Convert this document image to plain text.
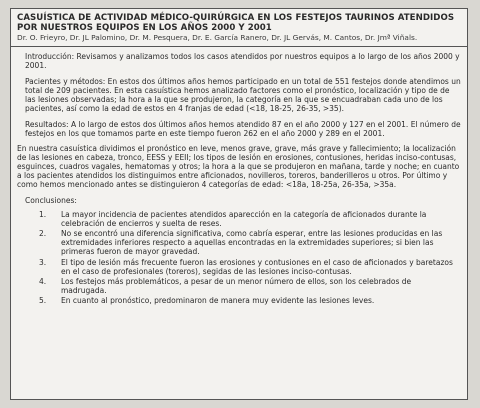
CASUÍSTICA DE ACTIVIDAD MÉDICO-QUIRÚRGICA EN LOS FESTEJOS TAURINOS ATENDIDOS POR NUESTROS EQUIPOS EN LOS AÑOS 2000 Y 2001
Dr. O. Frieyro, Dr. JL Palomino, Dr. M. Pesquera, Dr. E. García Ranero, Dr. JL Gervás, M. Cantos, Dr. Jmª Viñals.

Introducción: Revisamos y analizamos todos los casos atendidos por nuestros equipos a lo largo de los años 2000 y 2001.

Pacientes y métodos: En estos dos últimos años hemos participado en un total de 551 festejos donde atendimos un total de 209 pacientes. En esta casuística hemos analizado factores como el pronóstico, localización y tipo de de las lesiones observadas; la hora a la que se produjeron, la categoría en la que se encuadraban cada uno de los pacientes, así como la edad de estos en 4 franjas de edad (<18, 18-25, 26-35, >35).

Resultados: A lo largo de estos dos últimos años hemos atendido 87 en el año 2000 y 127 en el 2001. El número de festejos en los que tomamos parte en este tiempo fueron 262 en el año 2000 y 289 en el 2001.

En nuestra casuística dividimos el pronóstico en leve, menos grave, grave, más grave y fallecimiento; la localización de las lesiones en cabeza, tronco, EESS y EEII; los tipos de lesión en erosiones, contusiones, heridas inciso-contusas, esguinces, cuadros vagales, hematomas y otros; la hora a la que se produjeron en mañana, tarde y noche; en cuanto a los pacientes atendidos los distinguimos entre aficionados, novilleros, toreros, banderilleros u otros. Por último y como hemos mencionado antes se distinguieron 4 categorías de edad: <18a, 18-25a, 26-35a, >35a.

Conclusiones:
1.	La mayor incidencia de pacientes atendidos aparección en la categoría de aficionados durante la celebración de encierros y suelta de reses.
2.	No se encontró una diferencia significativa, como cabría esperar, entre las lesiones producidas en las extremidades inferiores respecto a aquellas encontradas en la extremidades superiores; si bien las primeras fueron de mayor gravedad.
3.	El tipo de lesión más frecuente fueron las erosiones y contusiones en el caso de aficionados y baretazos en el caso de profesionales (toreros), segidas de las lesiones inciso-contusas.
4.	Los festejos más problemáticos, a pesar de un menor número de ellos, son los celebrados de madrugada.
5.	En cuanto al pronóstico, predominaron de manera muy evidente las lesiones leves.
